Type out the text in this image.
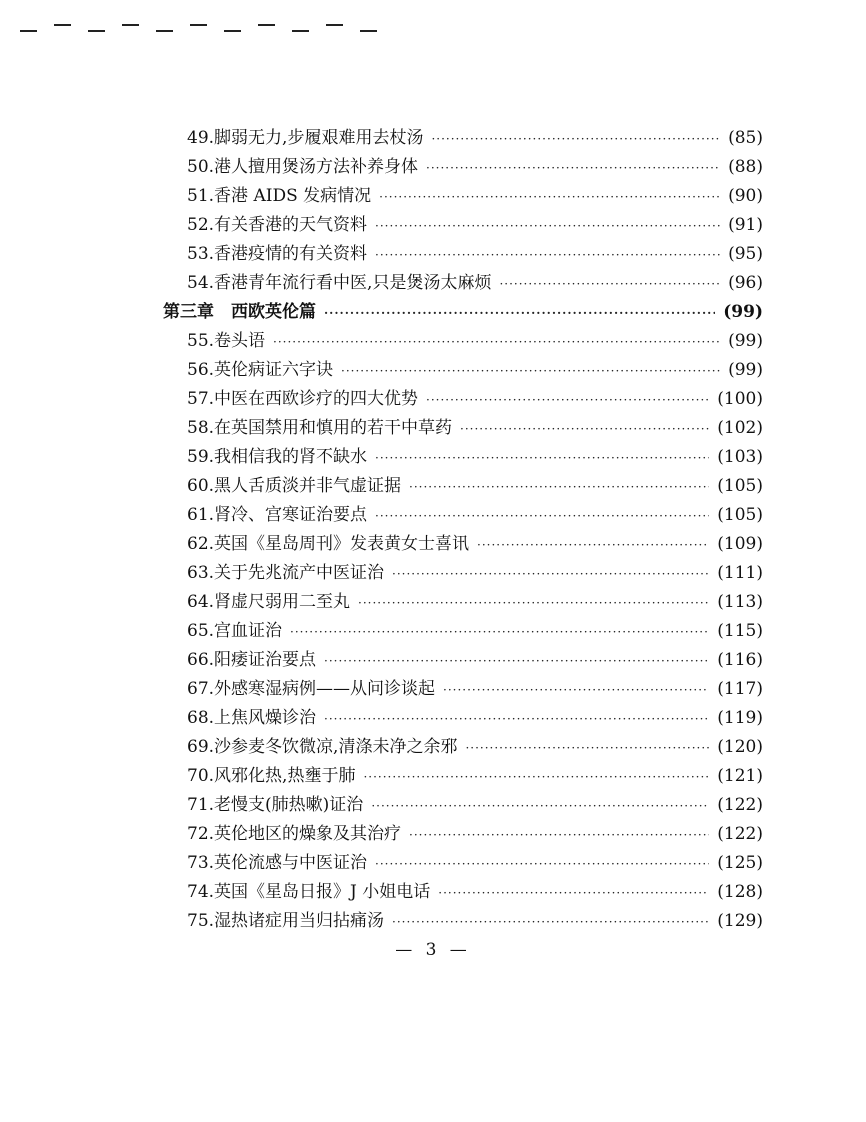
49. 脚弱无力,步履艰难用去杖汤 ·····	(85)
50. 港人擅用煲汤方法补养身体 ·····	(88)
51. 香港 AIDS 发病情况 ·····	(90)
52. 有关香港的天气资料 ·····	(91)
53. 香港疫情的有关资料 ·····	(95)
54. 香港青年流行看中医,只是煲汤太麻烦 ·····	(96)
第三章　西欧英伦篇 ·····	(99)
55. 卷头语 ·····	(99)
56. 英伦病证六字诀 ·····	(99)
57. 中医在西欧诊疗的四大优势 ·····	(100)
58. 在英国禁用和慎用的若干中草药 ·····	(102)
59. 我相信我的肾不缺水 ·····	(103)
60. 黑人舌质淡并非气虚证据 ·····	(105)
61. 肾冷、宫寒证治要点 ·····	(105)
62. 英国《星岛周刊》发表黄女士喜讯 ·····	(109)
63. 关于先兆流产中医证治 ·····	(111)
64. 肾虚尺弱用二至丸 ·····	(113)
65. 宫血证治 ·····	(115)
66. 阳痿证治要点 ·····	(116)
67. 外感寒湿病例——从问诊谈起 ·····	(117)
68. 上焦风燥诊治 ·····	(119)
69. 沙参麦冬饮微凉,清涤未净之余邪 ·····	(120)
70. 风邪化热,热壅于肺 ·····	(121)
71. 老慢支(肺热嗽)证治 ·····	(122)
72. 英伦地区的燥象及其治疗 ·····	(122)
73. 英伦流感与中医证治 ·····	(125)
74. 英国《星岛日报》J 小姐电话 ·····	(128)
75. 湿热诸症用当归拈痛汤 ·····	(129)
— 3 —
